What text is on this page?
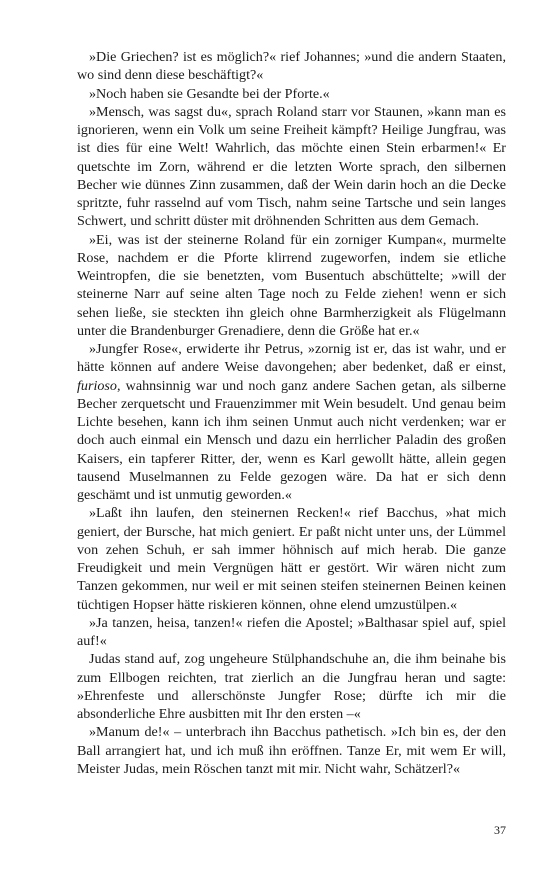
»Die Griechen? ist es möglich?« rief Johannes; »und die andern Staaten, wo sind denn diese beschäftigt?«

»Noch haben sie Gesandte bei der Pforte.«

»Mensch, was sagst du«, sprach Roland starr vor Staunen, »kann man es ignorieren, wenn ein Volk um seine Freiheit kämpft? Heilige Jungfrau, was ist dies für eine Welt! Wahrlich, das möchte einen Stein erbarmen!« Er quetschte im Zorn, während er die letzten Worte sprach, den silbernen Becher wie dünnes Zinn zusammen, daß der Wein darin hoch an die Decke spritzte, fuhr rasselnd auf vom Tisch, nahm seine Tartsche und sein langes Schwert, und schritt düster mit dröhnenden Schritten aus dem Gemach.

»Ei, was ist der steinerne Roland für ein zorniger Kumpan«, murmelte Rose, nachdem er die Pforte klirrend zugeworfen, indem sie etliche Weintropfen, die sie benetzten, vom Busentuch abschüttelte; »will der steinerne Narr auf seine alten Tage noch zu Felde ziehen! wenn er sich sehen ließe, sie steckten ihn gleich ohne Barmherzigkeit als Flügelmann unter die Brandenburger Grenadiere, denn die Größe hat er.«

»Jungfer Rose«, erwiderte ihr Petrus, »zornig ist er, das ist wahr, und er hätte können auf andere Weise davongehen; aber bedenket, daß er einst, furioso, wahnsinnig war und noch ganz andere Sachen getan, als silberne Becher zerquetscht und Frauenzimmer mit Wein besudelt. Und genau beim Lichte besehen, kann ich ihm seinen Unmut auch nicht verdenken; war er doch auch einmal ein Mensch und dazu ein herrlicher Paladin des großen Kaisers, ein tapferer Ritter, der, wenn es Karl gewollt hätte, allein gegen tausend Muselmannen zu Felde gezogen wäre. Da hat er sich denn geschämt und ist unmutig geworden.«

»Laßt ihn laufen, den steinernen Recken!« rief Bacchus, »hat mich geniert, der Bursche, hat mich geniert. Er paßt nicht unter uns, der Lümmel von zehen Schuh, er sah immer höhnisch auf mich herab. Die ganze Freudigkeit und mein Vergnügen hätt er gestört. Wir wären nicht zum Tanzen gekommen, nur weil er mit seinen steifen steinernen Beinen keinen tüchtigen Hopser hätte riskieren können, ohne elend umzustülpen.«

»Ja tanzen, heisa, tanzen!« riefen die Apostel; »Balthasar spiel auf, spiel auf!«

Judas stand auf, zog ungeheure Stülphandschuhe an, die ihm beinahe bis zum Ellbogen reichten, trat zierlich an die Jungfrau heran und sagte: »Ehrenfeste und allerschönste Jungfer Rose; dürfte ich mir die absonderliche Ehre ausbitten mit Ihr den ersten –«

»Manum de!« – unterbrach ihn Bacchus pathetisch. »Ich bin es, der den Ball arrangiert hat, und ich muß ihn eröffnen. Tanze Er, mit wem Er will, Meister Judas, mein Röschen tanzt mit mir. Nicht wahr, Schätzerl?«

37
